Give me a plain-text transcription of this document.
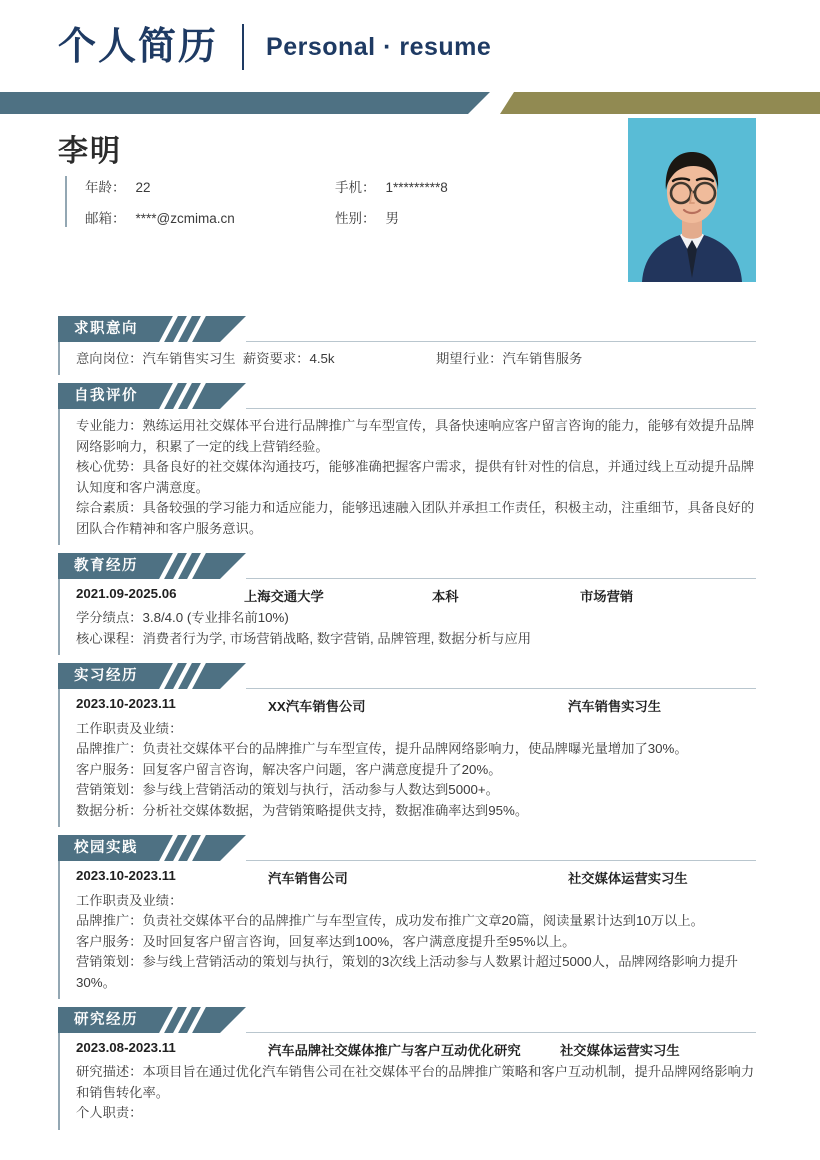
个人简历 Personal · resume
李明
年龄： 22	手机： 1*********8
邮箱： ****@zcmima.cn	性别： 男
求职意向
意向岗位：汽车销售实习生 薪资要求：4.5k	期望行业：汽车销售服务
自我评价
专业能力：熟练运用社交媒体平台进行品牌推广与车型宣传，具备快速响应客户留言咨询的能力，能够有效提升品牌网络影响力，积累了一定的线上营销经验。
核心优势：具备良好的社交媒体沟通技巧，能够准确把握客户需求，提供有针对性的信息，并通过线上互动提升品牌认知度和客户满意度。
综合素质：具备较强的学习能力和适应能力，能够迅速融入团队并承担工作责任，积极主动，注重细节，具备良好的团队合作精神和客户服务意识。
教育经历
2021.09-2025.06	上海交通大学	本科	市场营销
学分绩点：3.8/4.0 (专业排名前10%)
核心课程：消费者行为学, 市场营销战略, 数字营销, 品牌管理, 数据分析与应用
实习经历
2023.10-2023.11	XX汽车销售公司	汽车销售实习生
工作职责及业绩：
品牌推广：负责社交媒体平台的品牌推广与车型宣传，提升品牌网络影响力，使品牌曝光量增加了30%。
客户服务：回复客户留言咨询，解决客户问题，客户满意度提升了20%。
营销策划：参与线上营销活动的策划与执行，活动参与人数达到5000+。
数据分析：分析社交媒体数据，为营销策略提供支持，数据准确率达到95%。
校园实践
2023.10-2023.11	汽车销售公司	社交媒体运营实习生
工作职责及业绩：
品牌推广：负责社交媒体平台的品牌推广与车型宣传，成功发布推广文章20篇，阅读量累计达到10万以上。
客户服务：及时回复客户留言咨询，回复率达到100%，客户满意度提升至95%以上。
营销策划：参与线上营销活动的策划与执行，策划的3次线上活动参与人数累计超过5000人，品牌网络影响力提升30%。
研究经历
2023.08-2023.11	汽车品牌社交媒体推广与客户互动优化研究	社交媒体运营实习生
研究描述：本项目旨在通过优化汽车销售公司在社交媒体平台的品牌推广策略和客户互动机制，提升品牌网络影响力和销售转化率。
个人职责：
